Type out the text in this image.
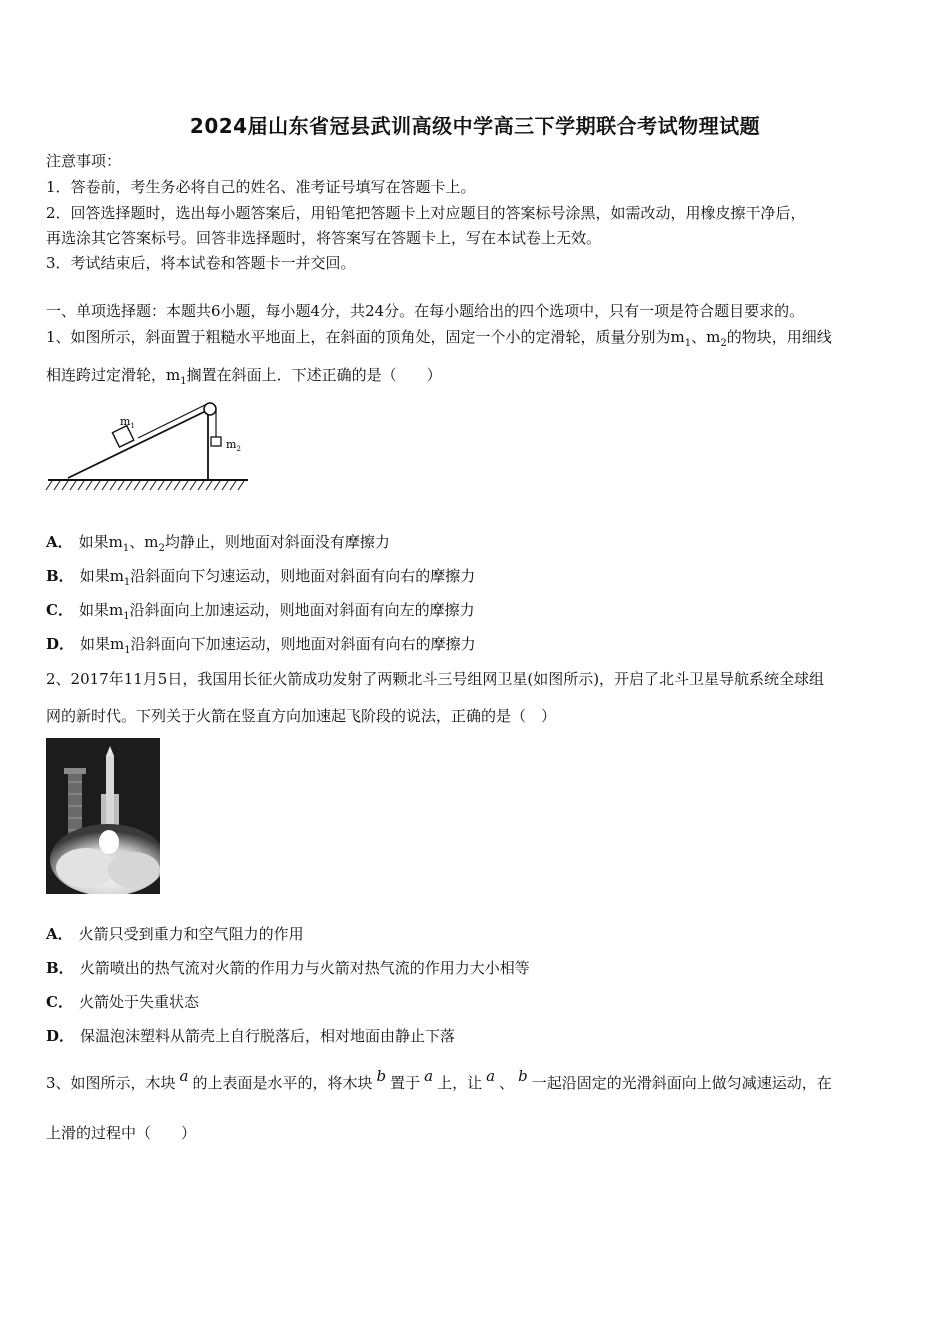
2024届山东省冠县武训高级中学高三下学期联合考试物理试题
注意事项：
1．答卷前，考生务必将自己的姓名、准考证号填写在答题卡上。
2．回答选择题时，选出每小题答案后，用铅笔把答题卡上对应题目的答案标号涂黑，如需改动，用橡皮擦干净后，
再选涂其它答案标号。回答非选择题时，将答案写在答题卡上，写在本试卷上无效。
3．考试结束后，将本试卷和答题卡一并交回。
一、单项选择题：本题共6小题，每小题4分，共24分。在每小题给出的四个选项中，只有一项是符合题目要求的。
1、如图所示，斜面置于粗糙水平地面上，在斜面的顶角处，固定一个小的定滑轮，质量分别为$m_1$、$m_2$的物块，用细线
相连跨过定滑轮，$m_1$搁置在斜面上．下述正确的是（　　）
$m_1$
$m_2$
A． 如果$m_1$、$m_2$均静止，则地面对斜面没有摩擦力
B． 如果$m_1$沿斜面向下匀速运动，则地面对斜面有向右的摩擦力
C． 如果$m_1$沿斜面向上加速运动，则地面对斜面有向左的摩擦力
D． 如果$m_1$沿斜面向下加速运动，则地面对斜面有向右的摩擦力
2、2017年11月5日，我国用长征火箭成功发射了两颗北斗三号组网卫星(如图所示)，开启了北斗卫星导航系统全球组
网的新时代。下列关于火箭在竖直方向加速起飞阶段的说法，正确的是（　）
A． 火箭只受到重力和空气阻力的作用
B． 火箭喷出的热气流对火箭的作用力与火箭对热气流的作用力大小相等
C． 火箭处于失重状态
D． 保温泡沫塑料从箭壳上自行脱落后，相对地面由静止下落
3、如图所示，木块 a 的上表面是水平的，将木块 b 置于 a 上，让 a 、 b 一起沿固定的光滑斜面向上做匀减速运动，在
上滑的过程中（　　）
